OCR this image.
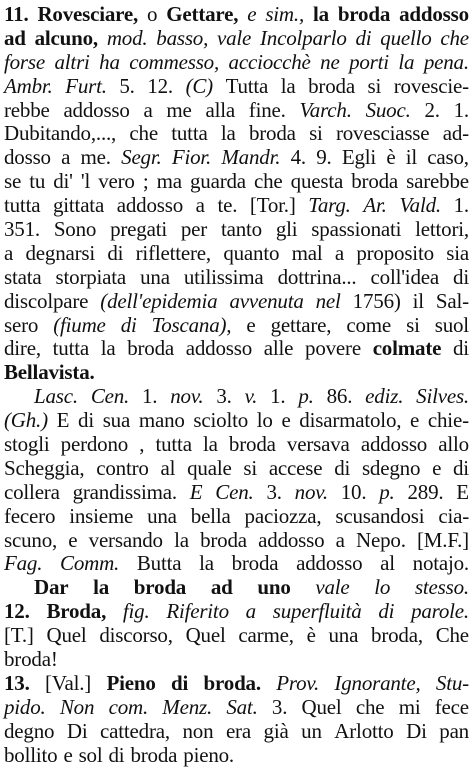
11. Rovesciare, o Gettare, e sim., la broda addosso
ad alcuno, mod. basso, vale Incolparlo di quello che
forse altri ha commesso, acciocchè ne porti la pena.
Ambr. Furt. 5. 12. (C) Tutta la broda si rovescie-
rebbe addosso a me alla fine. Varch. Suoc. 2. 1.
Dubitando,..., che tutta la broda si rovesciasse ad-
dosso a me. Segr. Fior. Mandr. 4. 9. Egli è il caso,
se tu di' 'l vero ; ma guarda che questa broda sarebbe
tutta gittata addosso a te. [Tor.] Targ. Ar. Vald. 1.
351. Sono pregati per tanto gli spassionati lettori,
a degnarsi di riflettere, quanto mal a proposito sia
stata storpiata una utilissima dottrina... coll'idea di
discolpare (dell'epidemia avvenuta nel 1756) il Sal-
sero (fiume di Toscana), e gettare, come si suol
dire, tutta la broda addosso alle povere colmate di
Bellavista.
Lasc. Cen. 1. nov. 3. v. 1. p. 86. ediz. Silves.
(Gh.) E di sua mano sciolto lo e disarmatolo, e chie-
stogli perdono , tutta la broda versava addosso allo
Scheggia, contro al quale si accese di sdegno e di
collera grandissima. E Cen. 3. nov. 10. p. 289. E
fecero insieme una bella paciozza, scusandosi cia-
scuno, e versando la broda addosso a Nepo. [M.F.]
Fag. Comm. Butta la broda addosso al notajo.
Dar la broda ad uno vale lo stesso.
12. Broda, fig. Riferito a superfluità di parole.
[T.] Quel discorso, Quel carme, è una broda, Che
broda!
13. [Val.] Pieno di broda. Prov. Ignorante, Stu-
pido. Non com. Menz. Sat. 3. Quel che mi fece
degno Di cattedra, non era già un Arlotto Di pan
bollito e sol di broda pieno.
